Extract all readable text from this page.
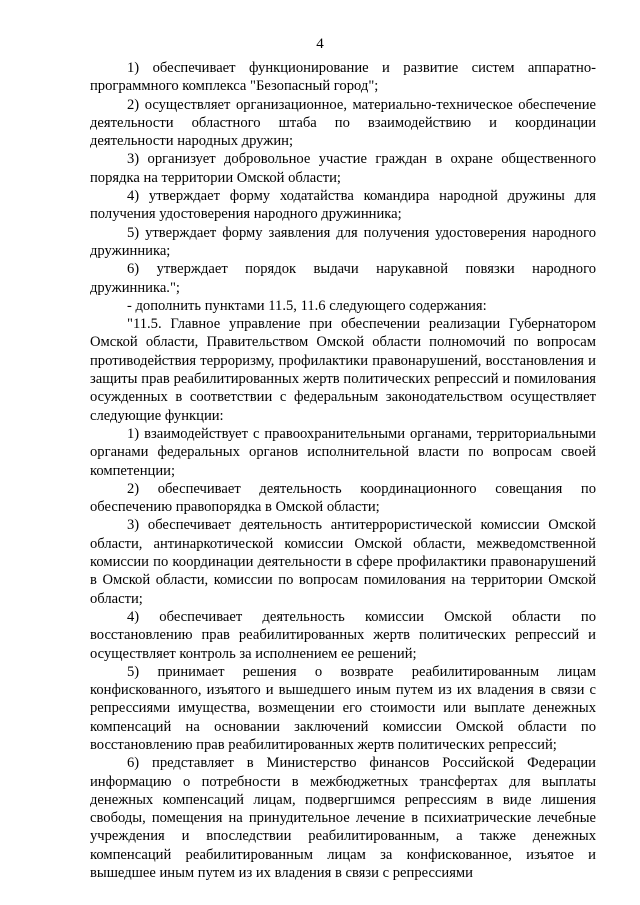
4

1) обеспечивает функционирование и развитие систем аппаратно-программного комплекса "Безопасный город";

2) осуществляет организационное, материально-техническое обеспечение деятельности областного штаба по взаимодействию и координации деятельности народных дружин;

3) организует добровольное участие граждан в охране общественного порядка на территории Омской области;

4) утверждает форму ходатайства командира народной дружины для получения удостоверения народного дружинника;

5) утверждает форму заявления для получения удостоверения народного дружинника;

6) утверждает порядок выдачи нарукавной повязки народного дружинника.";

- дополнить пунктами 11.5, 11.6 следующего содержания:

"11.5. Главное управление при обеспечении реализации Губернатором Омской области, Правительством Омской области полномочий по вопросам противодействия терроризму, профилактики правонарушений, восстановления и защиты прав реабилитированных жертв политических репрессий и помилования осужденных в соответствии с федеральным законодательством осуществляет следующие функции:

1) взаимодействует с правоохранительными органами, территориальными органами федеральных органов исполнительной власти по вопросам своей компетенции;

2) обеспечивает деятельность координационного совещания по обеспечению правопорядка в Омской области;

3) обеспечивает деятельность антитеррористической комиссии Омской области, антинаркотической комиссии Омской области, межведомственной комиссии по координации деятельности в сфере профилактики правонарушений в Омской области, комиссии по вопросам помилования на территории Омской области;

4) обеспечивает деятельность комиссии Омской области по восстановлению прав реабилитированных жертв политических репрессий и осуществляет контроль за исполнением ее решений;

5) принимает решения о возврате реабилитированным лицам конфискованного, изъятого и вышедшего иным путем из их владения в связи с репрессиями имущества, возмещении его стоимости или выплате денежных компенсаций на основании заключений комиссии Омской области по восстановлению прав реабилитированных жертв политических репрессий;

6) представляет в Министерство финансов Российской Федерации информацию о потребности в межбюджетных трансфертах для выплаты денежных компенсаций лицам, подвергшимся репрессиям в виде лишения свободы, помещения на принудительное лечение в психиатрические лечебные учреждения и впоследствии реабилитированным, а также денежных компенсаций реабилитированным лицам за конфискованное, изъятое и вышедшее иным путем из их владения в связи с репрессиями
